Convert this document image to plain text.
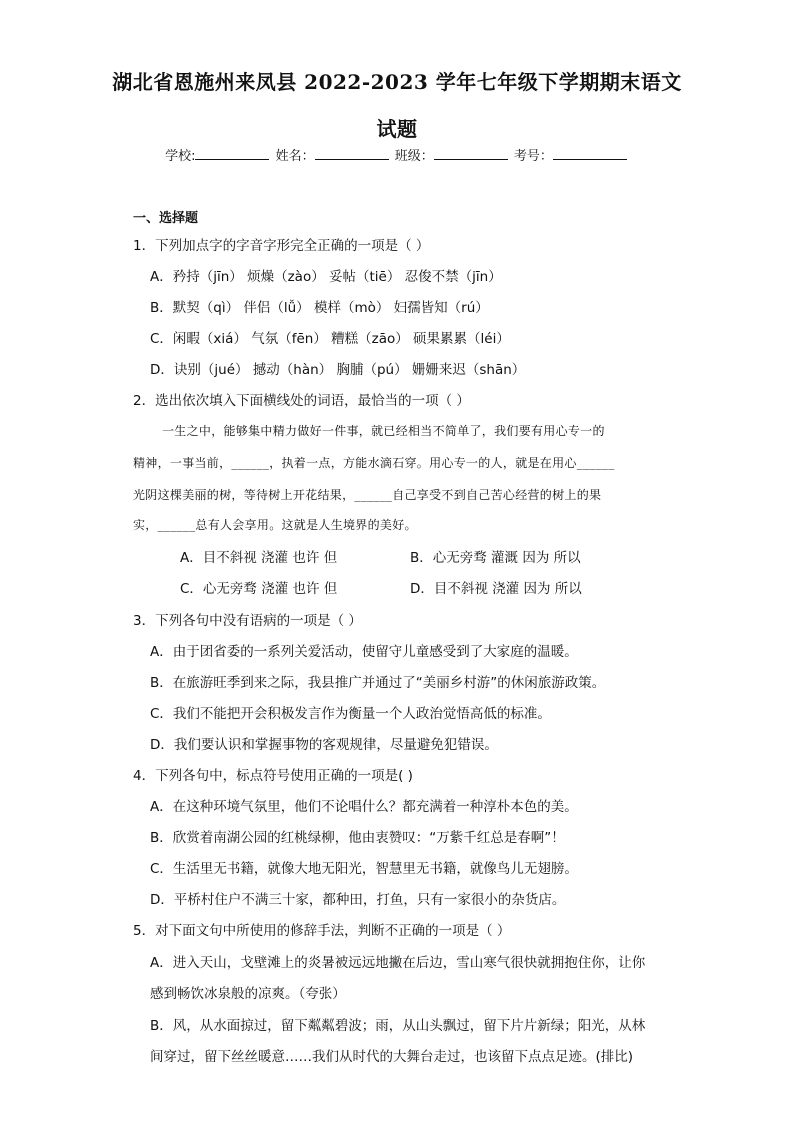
湖北省恩施州来凤县 2022-2023 学年七年级下学期期末语文
试题
学校:	姓名：	班级：	考号：
一、选择题
1．下列加点字的字音字形完全正确的一项是（ ）
A．矜持（jīn） 烦燥（zào） 妥帖（tiē） 忍俊不禁（jīn）
B．默契（qì） 伴侣（lǚ） 模样（mò） 妇孺皆知（rú）
C．闲暇（xiá） 气氛（fēn） 糟糕（zāo） 硕果累累（léi）
D．诀别（jué） 撼动（hàn） 胸脯（pú） 姗姗来迟（shān）
2．选出依次填入下面横线处的词语，最恰当的一项（ ）
一生之中，能够集中精力做好一件事，就已经相当不简单了，我们要有用心专一的
精神，一事当前，______，执着一点，方能水滴石穿。用心专一的人，就是在用心______
光阴这棵美丽的树，等待树上开花结果，______自己享受不到自己苦心经营的树上的果
实，______总有人会享用。这就是人生境界的美好。
A．目不斜视 浇灌 也许 但	B．心无旁骛 灌溉 因为 所以
C．心无旁骛 浇灌 也许 但	D．目不斜视 浇灌 因为 所以
3．下列各句中没有语病的一项是（ ）
A．由于团省委的一系列关爱活动，使留守儿童感受到了大家庭的温暖。
B．在旅游旺季到来之际，我县推广并通过了“美丽乡村游”的休闲旅游政策。
C．我们不能把开会积极发言作为衡量一个人政治觉悟高低的标准。
D．我们要认识和掌握事物的客观规律，尽量避免犯错误。
4．下列各句中，标点符号使用正确的一项是( )
A．在这种环境气氛里，他们不论唱什么？都充满着一种淳朴本色的美。
B．欣赏着南湖公园的红桃绿柳，他由衷赞叹：“万紫千红总是春啊”！
C．生活里无书籍，就像大地无阳光，智慧里无书籍，就像鸟儿无翅膀。
D．平桥村住户不满三十家，都种田，打鱼，只有一家很小的杂货店。
5．对下面文句中所使用的修辞手法，判断不正确的一项是（ ）
A．进入天山，戈壁滩上的炎暑被远远地撇在后边，雪山寒气很快就拥抱住你，让你
感到畅饮冰泉般的凉爽。（夸张）
B．风，从水面掠过，留下粼粼碧波；雨，从山头飘过，留下片片新绿；阳光，从林
间穿过，留下丝丝暖意……我们从时代的大舞台走过，也该留下点点足迹。(排比)
